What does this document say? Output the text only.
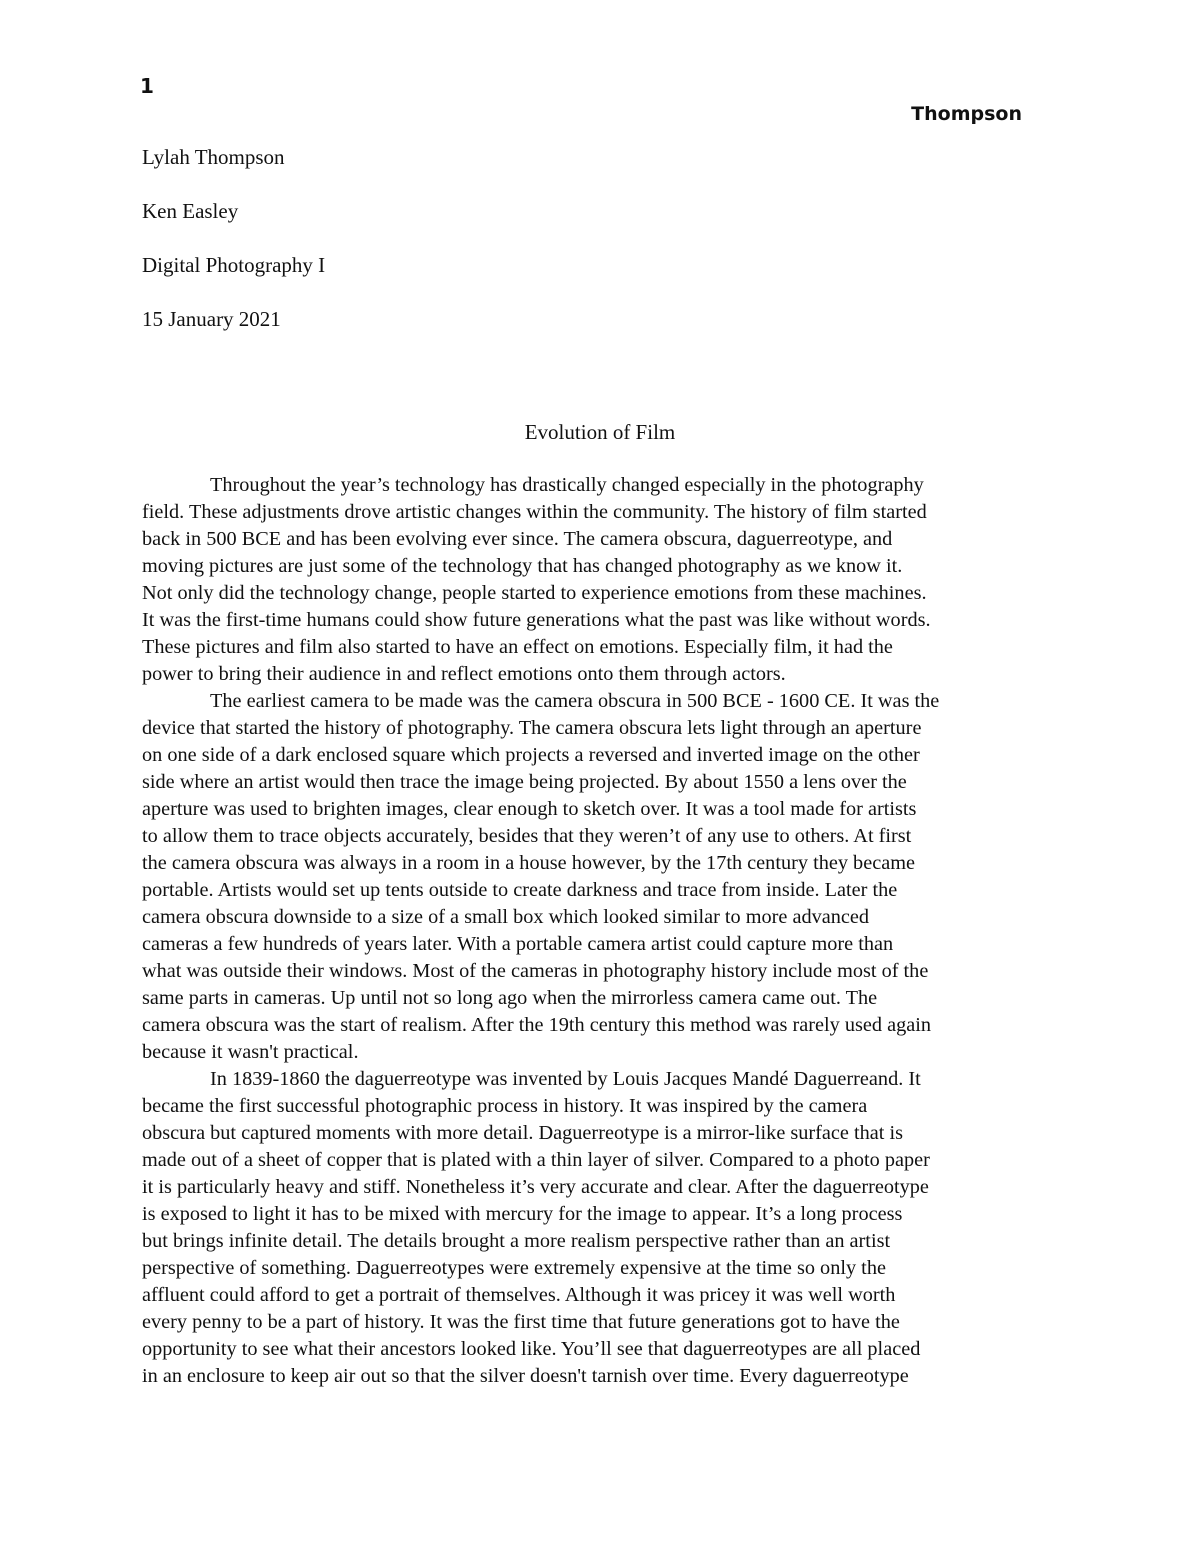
1
Thompson
Lylah Thompson
Ken Easley
Digital Photography I
15 January 2021
Evolution of Film

Throughout the year’s technology has drastically changed especially in the photography
field. These adjustments drove artistic changes within the community. The history of film started
back in 500 BCE and has been evolving ever since. The camera obscura, daguerreotype, and
moving pictures are just some of the technology that has changed photography as we know it.
Not only did the technology change, people started to experience emotions from these machines.
It was the first-time humans could show future generations what the past was like without words.
These pictures and film also started to have an effect on emotions. Especially film, it had the
power to bring their audience in and reflect emotions onto them through actors.

The earliest camera to be made was the camera obscura in 500 BCE - 1600 CE. It was the
device that started the history of photography. The camera obscura lets light through an aperture
on one side of a dark enclosed square which projects a reversed and inverted image on the other
side where an artist would then trace the image being projected. By about 1550 a lens over the
aperture was used to brighten images, clear enough to sketch over. It was a tool made for artists
to allow them to trace objects accurately, besides that they weren’t of any use to others. At first
the camera obscura was always in a room in a house however, by the 17th century they became
portable. Artists would set up tents outside to create darkness and trace from inside. Later the
camera obscura downside to a size of a small box which looked similar to more advanced
cameras a few hundreds of years later. With a portable camera artist could capture more than
what was outside their windows. Most of the cameras in photography history include most of the
same parts in cameras. Up until not so long ago when the mirrorless camera came out. The
camera obscura was the start of realism. After the 19th century this method was rarely used again
because it wasn't practical.

In 1839-1860 the daguerreotype was invented by Louis Jacques Mandé Daguerreand. It
became the first successful photographic process in history. It was inspired by the camera
obscura but captured moments with more detail. Daguerreotype is a mirror-like surface that is
made out of a sheet of copper that is plated with a thin layer of silver. Compared to a photo paper
it is particularly heavy and stiff. Nonetheless it’s very accurate and clear. After the daguerreotype
is exposed to light it has to be mixed with mercury for the image to appear. It’s a long process
but brings infinite detail. The details brought a more realism perspective rather than an artist
perspective of something. Daguerreotypes were extremely expensive at the time so only the
affluent could afford to get a portrait of themselves. Although it was pricey it was well worth
every penny to be a part of history. It was the first time that future generations got to have the
opportunity to see what their ancestors looked like. You’ll see that daguerreotypes are all placed
in an enclosure to keep air out so that the silver doesn't tarnish over time. Every daguerreotype
